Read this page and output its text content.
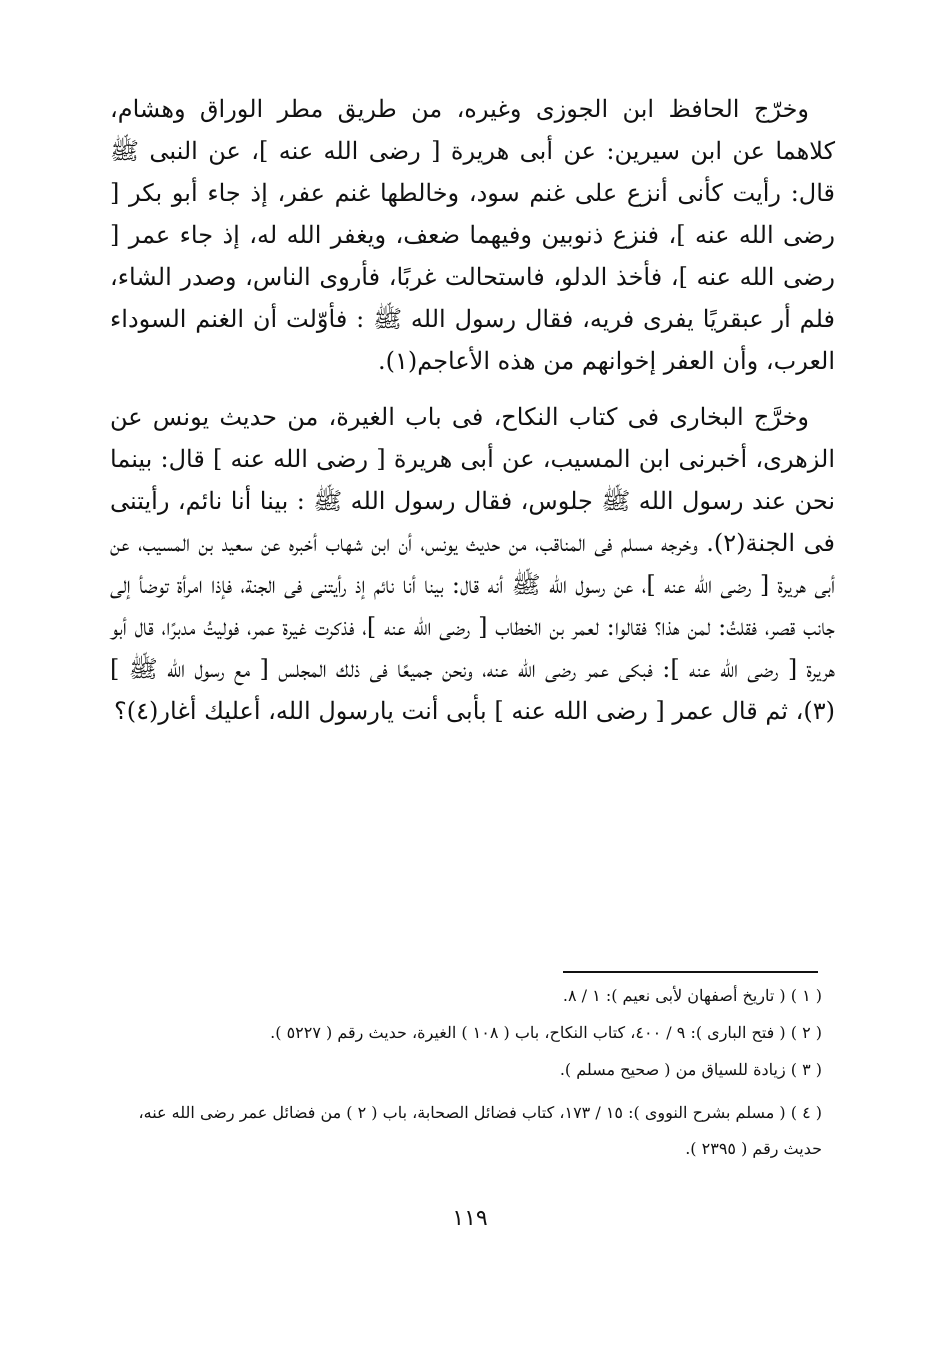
وخرّج الحافظ ابن الجوزى وغيره، من طريق مطر الوراق وهشام، كلاهما عن ابن سيرين: عن أبى هريرة [ رضى الله عنه ]، عن النبى ﷺ قال: رأيت كأنى أنزع على غنم سود، وخالطها غنم عفر، إذ جاء أبو بكر [ رضى الله عنه ]، فنزع ذنوبين وفيهما ضعف، ويغفر الله له، إذ جاء عمر [ رضى الله عنه ]، فأخذ الدلو، فاستحالت غربًا، فأروى الناس، وصدر الشاء، فلم أر عبقريًا يفرى فريه، فقال رسول الله ﷺ : فأوّلت أن الغنم السوداء العرب، وأن العفر إخوانهم من هذه الأعاجم(١).

وخرَّج البخارى فى كتاب النكاح، فى باب الغيرة، من حديث يونس عن الزهرى، أخبرنى ابن المسيب، عن أبى هريرة [ رضى الله عنه ] قال: بينما نحن عند رسول الله ﷺ جلوس، فقال رسول الله ﷺ : بينا أنا نائم، رأيتنى فى الجنة(٢). وخرجه مسلم فى المناقب، من حديث يونس، أن ابن شهاب أخبره عن سعيد بن المسيب، عن أبى هريرة [ رضى الله عنه ]، عن رسول الله ﷺ أنه قال: بينا أنا نائم إذ رأيتنى فى الجنة، فإذا امرأة توضأ إلى جانب قصر، فقلتُ: لمن هذا؟ فقالوا: لعمر بن الخطاب [ رضى الله عنه ]، فذكرت غيرة عمر، فوليتُ مدبرًا، قال أبو هريرة [ رضى الله عنه ]: فبكى عمر رضى الله عنه، ونحن جميعًا فى ذلك المجلس [ مع رسول الله ﷺ ](٣)، ثم قال عمر [ رضى الله عنه ] بأبى أنت يارسول الله، أعليك أغار(٤)؟

( ١ ) ( تاريخ أصفهان لأبى نعيم ): ١ / ٨.

( ٢ ) ( فتح البارى ): ٩ / ٤٠٠، كتاب النكاح، باب ( ١٠٨ ) الغيرة، حديث رقم ( ٥٢٢٧ ).

( ٣ ) زيادة للسياق من ( صحيح مسلم ).

( ٤ ) ( مسلم بشرح النووى ): ١٥ / ١٧٣، كتاب فضائل الصحابة، باب ( ٢ ) من فضائل عمر رضى الله عنه، حديث رقم ( ٢٣٩٥ ).

١١٩
